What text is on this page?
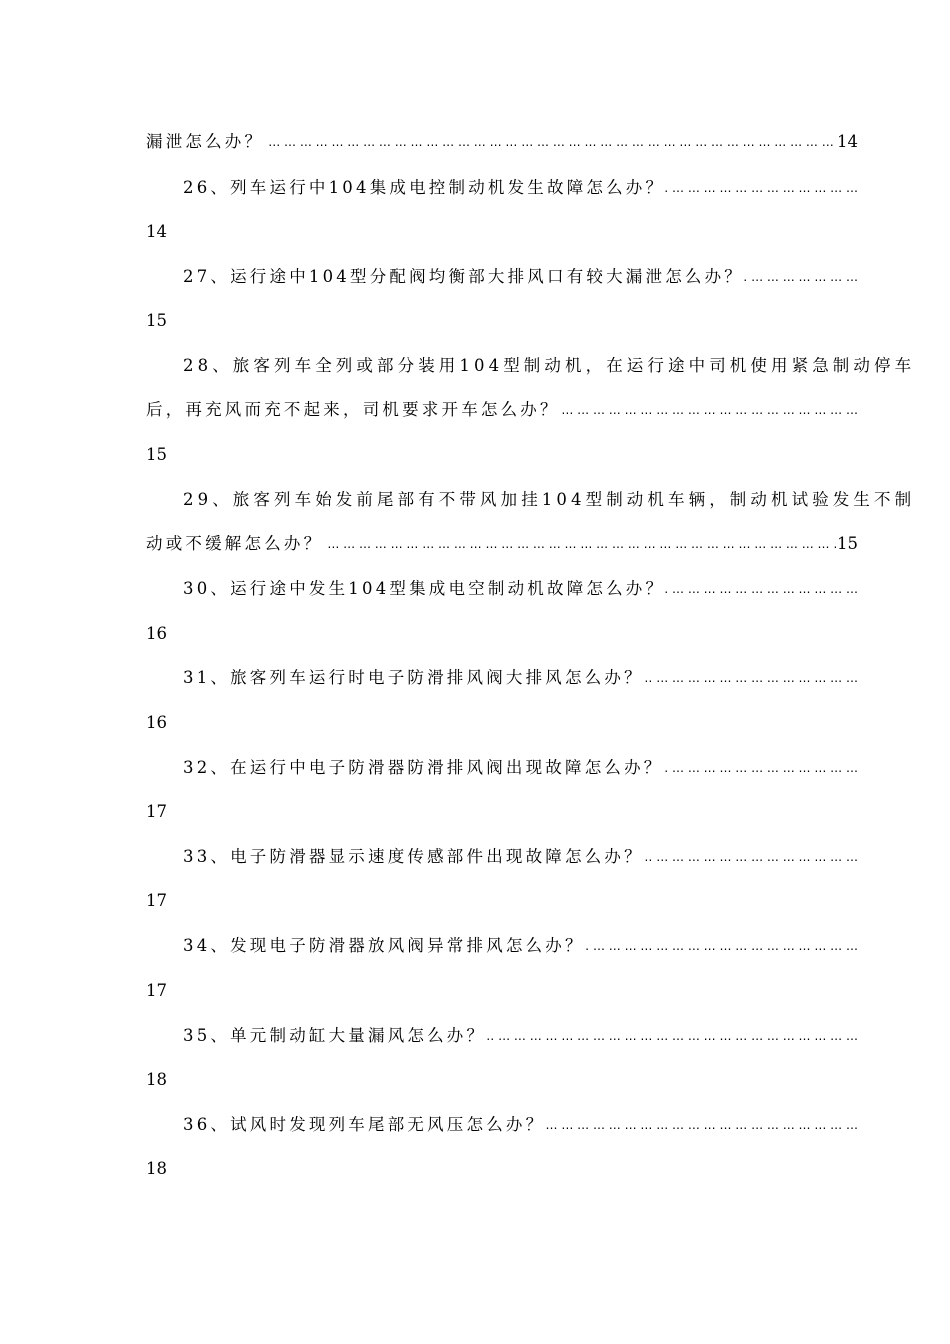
漏泄怎么办？ … … … … … … … … … … … … … … … … … … … … … … … … … … … … … … … … … … … … … … … … … … … … … … … … … … … … … … …	14
26、列车运行中104集成电控制动机发生故障怎么办？
… … … … … … … … … … … … … … … … … … … … … … … … … … … … … … … … … … … … … … … … … … … … … … … … … … … … … … …
14
27、运行途中104型分配阀均衡部大排风口有较大漏泄怎么办？
… … … … … … … … … … … … … … … … … … … … … … … … … … … … … … … … … … … … … … … … … … … … … … … … … … … … … … …
15
28、旅客列车全列或部分装用104型制动机，在运行途中司机使用紧急制动停车
后，再充风而充不起来，司机要求开车怎么办？
… … … … … … … … … … … … … … … … … … … … … … … … … … … … … … … … … … … … … … … … … … … … … … … … … … … … … … …
15
29、旅客列车始发前尾部有不带风加挂104型制动机车辆，制动机试验发生不制
动或不缓解怎么办？ … … … … … … … … … … … … … … … … … … … … … … … … … … … … … … … … … … … … … … … … … … … … … … … … … … … … … … …	15
30、运行途中发生104型集成电空制动机故障怎么办？
… … … … … … … … … … … … … … … … … … … … … … … … … … … … … … … … … … … … … … … … … … … … … … … … … … … … … … …
16
31、旅客列车运行时电子防滑排风阀大排风怎么办？
… … … … … … … … … … … … … … … … … … … … … … … … … … … … … … … … … … … … … … … … … … … … … … … … … … … … … … …
16
32、在运行中电子防滑器防滑排风阀出现故障怎么办？
… … … … … … … … … … … … … … … … … … … … … … … … … … … … … … … … … … … … … … … … … … … … … … … … … … … … … … …
17
33、电子防滑器显示速度传感部件出现故障怎么办？
… … … … … … … … … … … … … … … … … … … … … … … … … … … … … … … … … … … … … … … … … … … … … … … … … … … … … … …
17
34、发现电子防滑器放风阀异常排风怎么办？
… … … … … … … … … … … … … … … … … … … … … … … … … … … … … … … … … … … … … … … … … … … … … … … … … … … … … … …
17
35、单元制动缸大量漏风怎么办？
… … … … … … … … … … … … … … … … … … … … … … … … … … … … … … … … … … … … … … … … … … … … … … … … … … … … … … …
18
36、试风时发现列车尾部无风压怎么办？
… … … … … … … … … … … … … … … … … … … … … … … … … … … … … … … … … … … … … … … … … … … … … … … … … … … … … … …
18
